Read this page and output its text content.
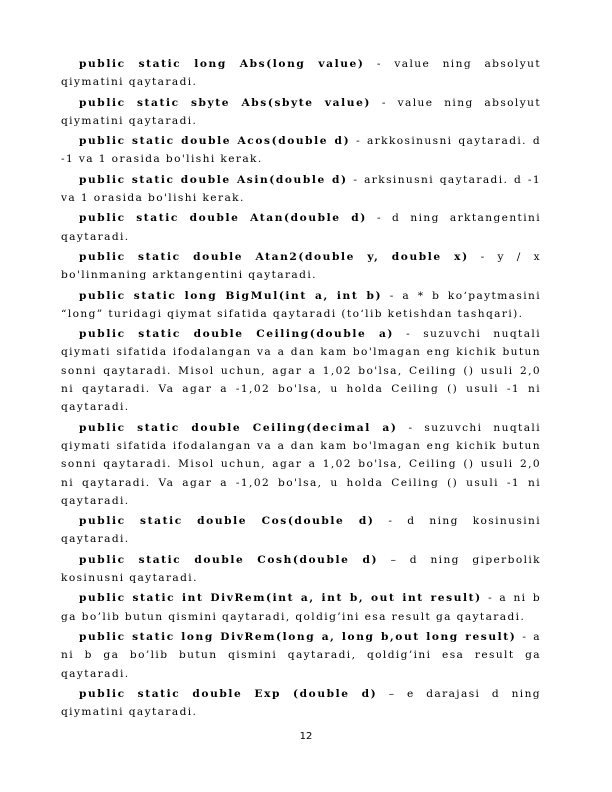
public static long Abs(long value) - value ning absolyut qiymatini qaytaradi.

public static sbyte Abs(sbyte value) - value ning absolyut qiymatini qaytaradi.

public static double Acos(double d) - arkkosinusni qaytaradi. d -1 va 1 orasida bo'lishi kerak.

public static double Asin(double d) - arksinusni qaytaradi. d -1 va 1 orasida bo'lishi kerak.

public static double Atan(double d) - d ning arktangentini qaytaradi.

public static double Atan2(double y, double x) - y / x bo'linmaning arktangentini qaytaradi.

public static long BigMul(int a, int b) - a * b ko‘paytmasini “long” turidagi qiymat sifatida qaytaradi (to‘lib ketishdan tashqari).

public static double Ceiling(double a) - suzuvchi nuqtali qiymati sifatida ifodalangan va a dan kam bo'lmagan eng kichik butun sonni qaytaradi. Misol uchun, agar a 1,02 bo'lsa, Ceiling () usuli 2,0 ni qaytaradi. Va agar a -1,02 bo'lsa, u holda Ceiling () usuli -1 ni qaytaradi.

public static double Ceiling(decimal a) - suzuvchi nuqtali qiymati sifatida ifodalangan va a dan kam bo'lmagan eng kichik butun sonni qaytaradi. Misol uchun, agar a 1,02 bo'lsa, Ceiling () usuli 2,0 ni qaytaradi. Va agar a -1,02 bo'lsa, u holda Ceiling () usuli -1 ni qaytaradi.

public static double Cos(double d) - d ning kosinusini qaytaradi.

public static double Cosh(double d) – d ning giperbolik kosinusni qaytaradi.

public static int DivRem(int a, int b, out int result) - a ni b ga bo’lib butun qismini qaytaradi, qoldig’ini esa result ga qaytaradi.

public static long DivRem(long a, long b,out long result) - a ni b ga bo’lib butun qismini qaytaradi, qoldig’ini esa result ga qaytaradi.

public static double Exp (double d) – e darajasi d ning qiymatini qaytaradi.

12
